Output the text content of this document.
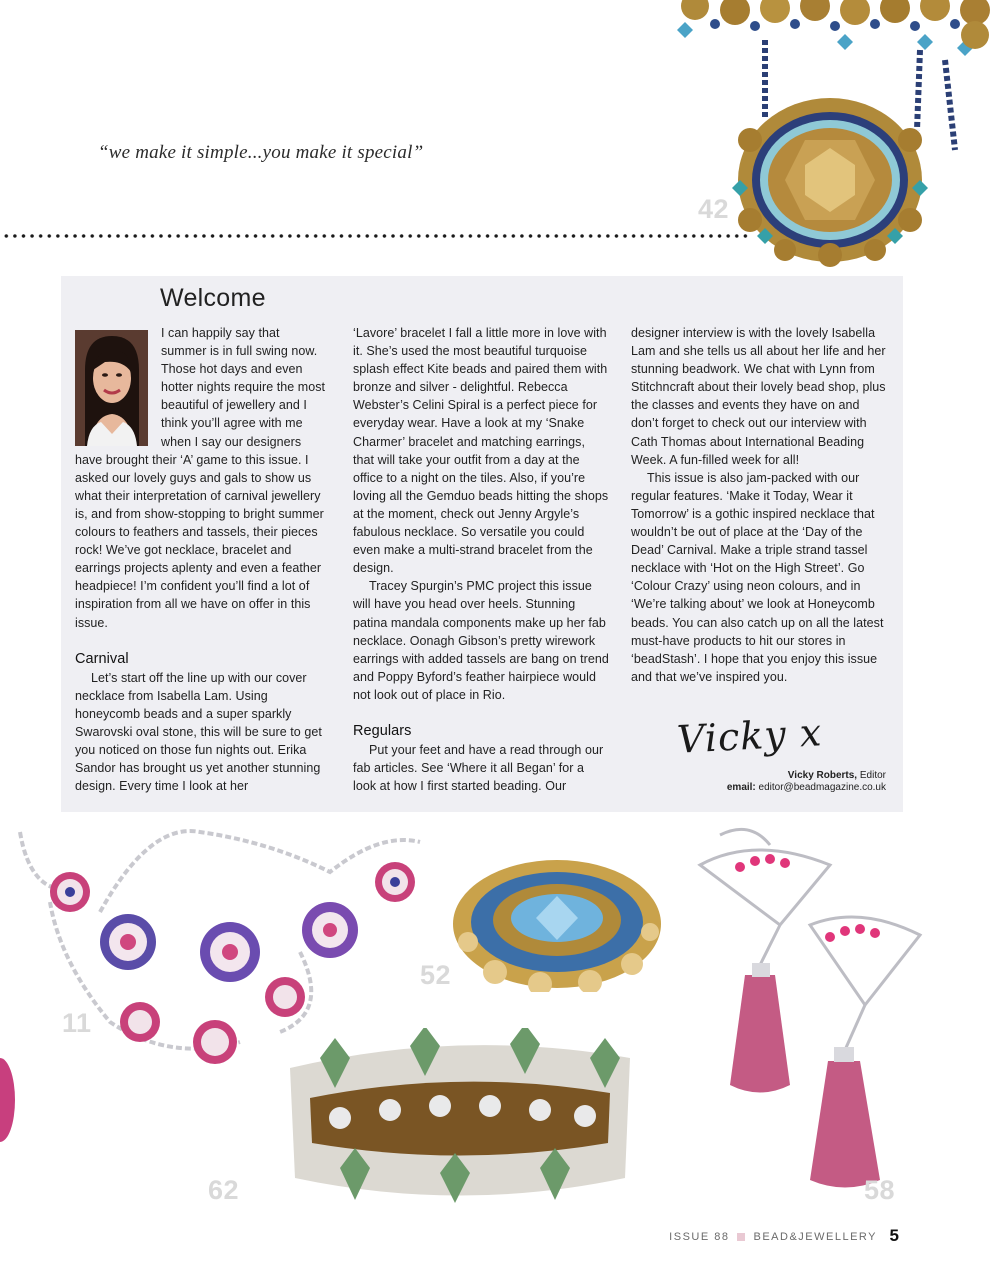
“we make it simple...you make it special”
42
Welcome

I can happily say that summer is in full swing now. Those hot days and even hotter nights require the most beautiful of jewellery and I think you’ll agree with me when I say our designers

have brought their ‘A’ game to this issue. I asked our lovely guys and gals to show us what their interpretation of carnival jewellery is, and from show-stopping to bright summer colours to feathers and tassels, their pieces rock! We’ve got necklace, bracelet and earrings projects aplenty and even a feather headpiece! I’m confident you’ll find a lot of inspiration from all we have on offer in this issue.

Carnival

Let’s start off the line up with our cover necklace from Isabella Lam. Using honeycomb beads and a super sparkly Swarovski oval stone, this will be sure to get you noticed on those fun nights out. Erika Sandor has brought us yet another stunning design. Every time I look at her

‘Lavore’ bracelet I fall a little more in love with it. She’s used the most beautiful turquoise splash effect Kite beads and paired them with bronze and silver - delightful. Rebecca Webster’s Celini Spiral is a perfect piece for everyday wear. Have a look at my ‘Snake Charmer’ bracelet and matching earrings, that will take your outfit from a day at the office to a night on the tiles. Also, if you’re loving all the Gemduo beads hitting the shops at the moment, check out Jenny Argyle’s fabulous necklace. So versatile you could even make a multi-strand bracelet from the design.

Tracey Spurgin’s PMC project this issue will have you head over heels. Stunning patina mandala components make up her fab necklace. Oonagh Gibson’s pretty wirework earrings with added tassels are bang on trend and Poppy Byford’s feather hairpiece would not look out of place in Rio.

Regulars

Put your feet and have a read through our fab articles. See ‘Where it all Began’ for a look at how I first started beading. Our

designer interview is with the lovely Isabella Lam and she tells us all about her life and her stunning beadwork. We chat with Lynn from Stitchncraft about their lovely bead shop, plus the classes and events they have on and don’t forget to check out our interview with Cath Thomas about International Beading Week. A fun-filled week for all!

This issue is also jam-packed with our regular features. ‘Make it Today, Wear it Tomorrow’ is a gothic inspired necklace that wouldn’t be out of place at the ‘Day of the Dead’ Carnival. Make a triple strand tassel necklace with ‘Hot on the High Street’. Go ‘Colour Crazy’ using neon colours, and in ‘We’re talking about’ we look at Honeycomb beads. You can also catch up on all the latest must-have products to hit our stores in ‘beadStash’. I hope that you enjoy this issue and that we’ve inspired you.

Vicky x
Vicky Roberts, Editor
email: editor@beadmagazine.co.uk
11
52
62	58
ISSUE 88 BEAD&JEWELLERY 5
